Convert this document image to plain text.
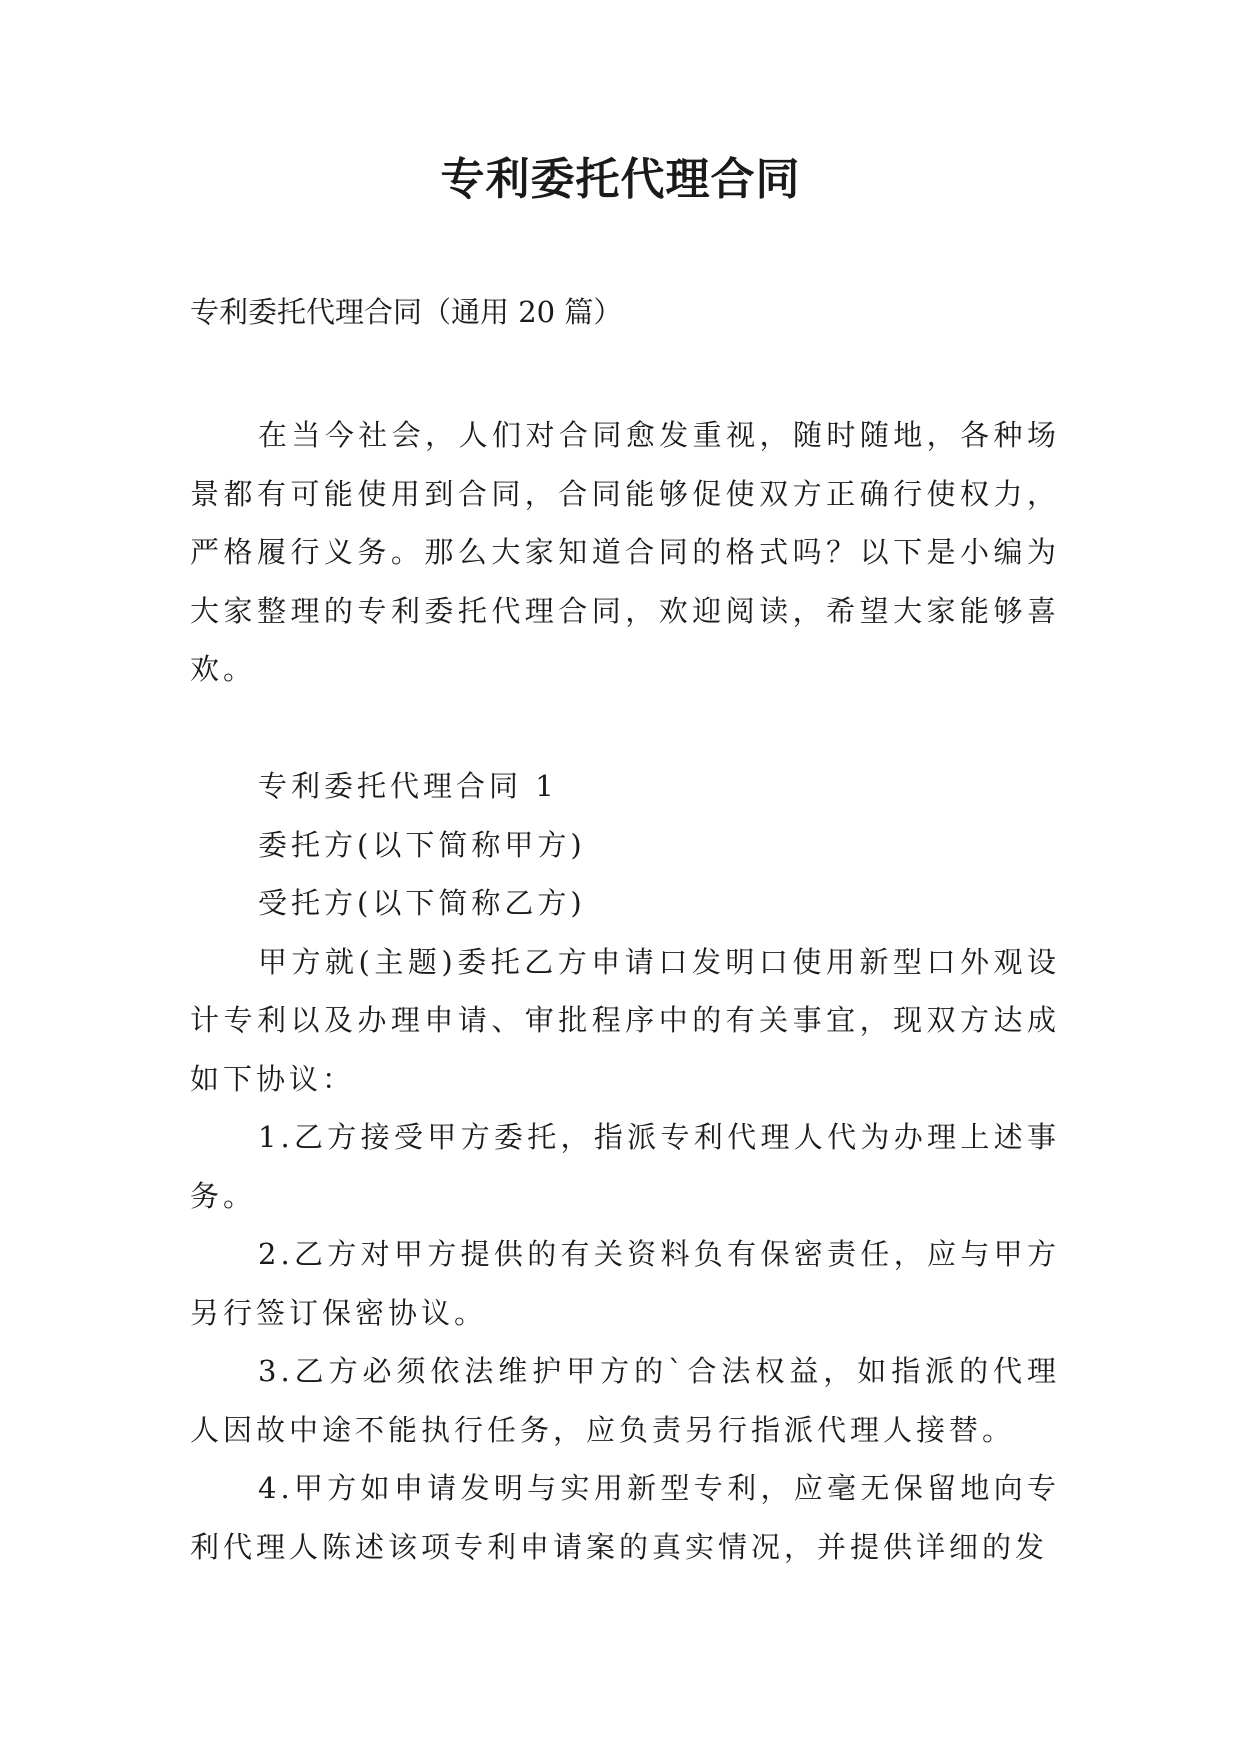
专利委托代理合同
专利委托代理合同（通用 20 篇）

在当今社会，人们对合同愈发重视，随时随地，各种场景都有可能使用到合同，合同能够促使双方正确行使权力，严格履行义务。那么大家知道合同的格式吗？以下是小编为大家整理的专利委托代理合同，欢迎阅读，希望大家能够喜欢。

专利委托代理合同 1

委托方(以下简称甲方)

受托方(以下简称乙方)

甲方就(主题)委托乙方申请口发明口使用新型口外观设计专利以及办理申请、审批程序中的有关事宜，现双方达成如下协议：

1.乙方接受甲方委托，指派专利代理人代为办理上述事务。

2.乙方对甲方提供的有关资料负有保密责任，应与甲方另行签订保密协议。

3.乙方必须依法维护甲方的`合法权益，如指派的代理人因故中途不能执行任务，应负责另行指派代理人接替。

4.甲方如申请发明与实用新型专利，应毫无保留地向专利代理人陈述该项专利申请案的真实情况，并提供详细的发
